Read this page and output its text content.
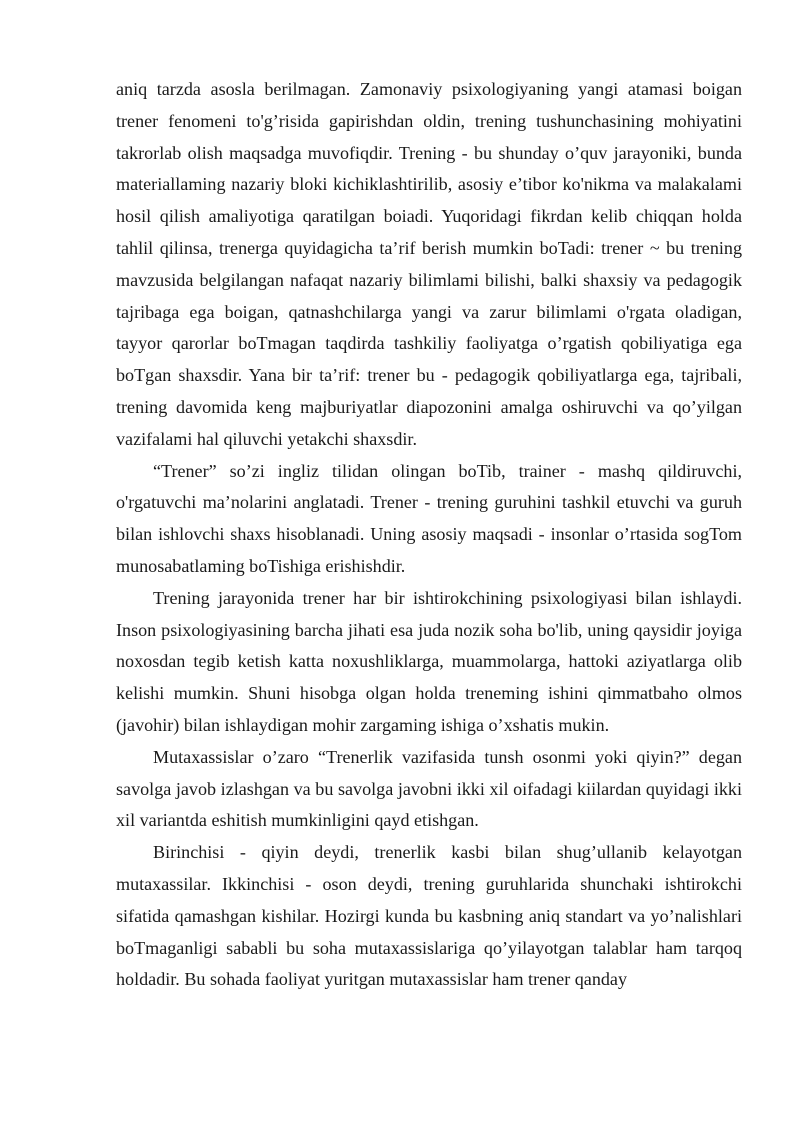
aniq tarzda asosla berilmagan. Zamonaviy psixologiyaning yangi atamasi boigan trener fenomeni to'g’risida gapirishdan oldin, trening tushunchasining mohiyatini takrorlab olish maqsadga muvofiqdir. Trening - bu shunday o’quv jarayoniki, bunda materiallaming nazariy bloki kichiklashtirilib, asosiy e’tibor ko'nikma va malakalami hosil qilish amaliyotiga qaratilgan boiadi. Yuqoridagi fikrdan kelib chiqqan holda tahlil qilinsa, trenerga quyidagicha ta’rif berish mumkin boTadi: trener ~ bu trening mavzusida belgilangan nafaqat nazariy bilimlami bilishi, balki shaxsiy va pedagogik tajribaga ega boigan, qatnashchilarga yangi va zarur bilimlami o'rgata oladigan, tayyor qarorlar boTmagan taqdirda tashkiliy faoliyatga o’rgatish qobiliyatiga ega boTgan shaxsdir. Yana bir ta’rif: trener bu - pedagogik qobiliyatlarga ega, tajribali, trening davomida keng majburiyatlar diapozonini amalga oshiruvchi va qo’yilgan vazifalami hal qiluvchi yetakchi shaxsdir.

“Trener” so’zi ingliz tilidan olingan boTib, trainer - mashq qildiruvchi, o'rgatuvchi ma’nolarini anglatadi. Trener - trening guruhini tashkil etuvchi va guruh bilan ishlovchi shaxs hisoblanadi. Uning asosiy maqsadi - insonlar o’rtasida sogTom munosabatlaming boTishiga erishishdir.

Trening jarayonida trener har bir ishtirokchining psixologiyasi bilan ishlaydi. Inson psixologiyasining barcha jihati esa juda nozik soha bo'lib, uning qaysidir joyiga noxosdan tegib ketish katta noxushliklarga, muammolarga, hattoki aziyatlarga olib kelishi mumkin. Shuni hisobga olgan holda treneming ishini qimmatbaho olmos (javohir) bilan ishlaydigan mohir zargaming ishiga o’xshatis mukin.

Mutaxassislar o’zaro “Trenerlik vazifasida tunsh osonmi yoki qiyin?” degan savolga javob izlashgan va bu savolga javobni ikki xil oifadagi kiilardan quyidagi ikki xil variantda eshitish mumkinligini qayd etishgan.

Birinchisi - qiyin deydi, trenerlik kasbi bilan shug’ullanib kelayotgan mutaxassilar. Ikkinchisi - oson deydi, trening guruhlarida shunchaki ishtirokchi sifatida qamashgan kishilar. Hozirgi kunda bu kasbning aniq standart va yo’nalishlari boTmaganligi sababli bu soha mutaxassislariga qo’yilayotgan talablar ham tarqoq holdadir. Bu sohada faoliyat yuritgan mutaxassislar ham trener qanday
